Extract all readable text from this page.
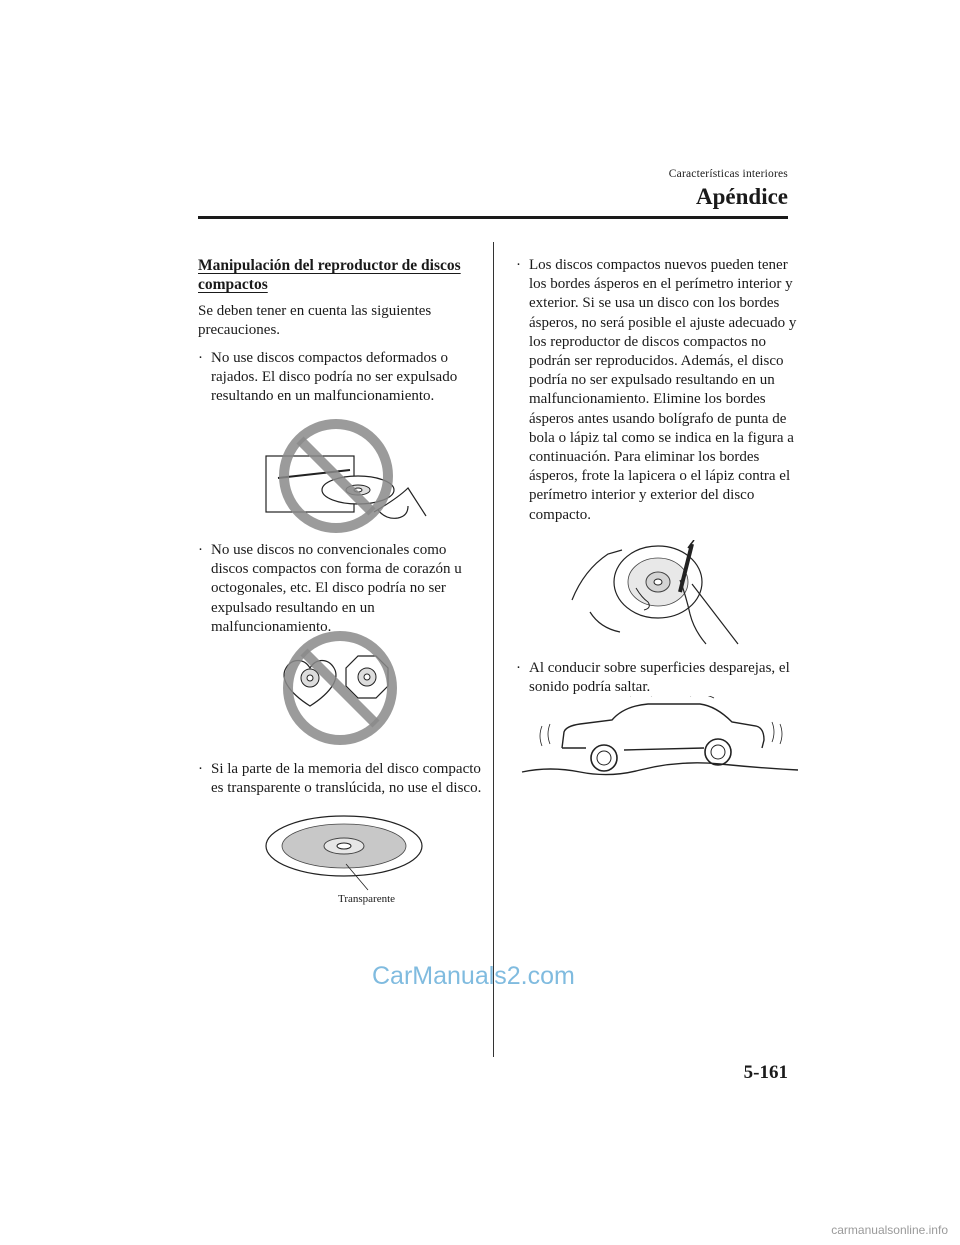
Características interiores
Apéndice
Manipulación del reproductor de discos compactos
Se deben tener en cuenta las siguientes precauciones.
· No use discos compactos deformados o rajados. El disco podría no ser expulsado resultando en un malfuncionamiento.
· No use discos no convencionales como discos compactos con forma de corazón u octogonales, etc. El disco podría no ser expulsado resultando en un malfuncionamiento.
· Si la parte de la memoria del disco compacto es transparente o translúcida, no use el disco.
Transparente
· Los discos compactos nuevos pueden tener los bordes ásperos en el perímetro interior y exterior. Si se usa un disco con los bordes ásperos, no será posible el ajuste adecuado y los reproductor de discos compactos no podrán ser reproducidos. Además, el disco podría no ser expulsado resultando en un malfuncionamiento. Elimine los bordes ásperos antes usando bolígrafo de punta de bola o lápiz tal como se indica en la figura a continuación. Para eliminar los bordes ásperos, frote la lapicera o el lápiz contra el perímetro interior y exterior del disco compacto.
· Al conducir sobre superficies desparejas, el sonido podría saltar.
CarManuals2.com
5-161
carmanualsonline.info
